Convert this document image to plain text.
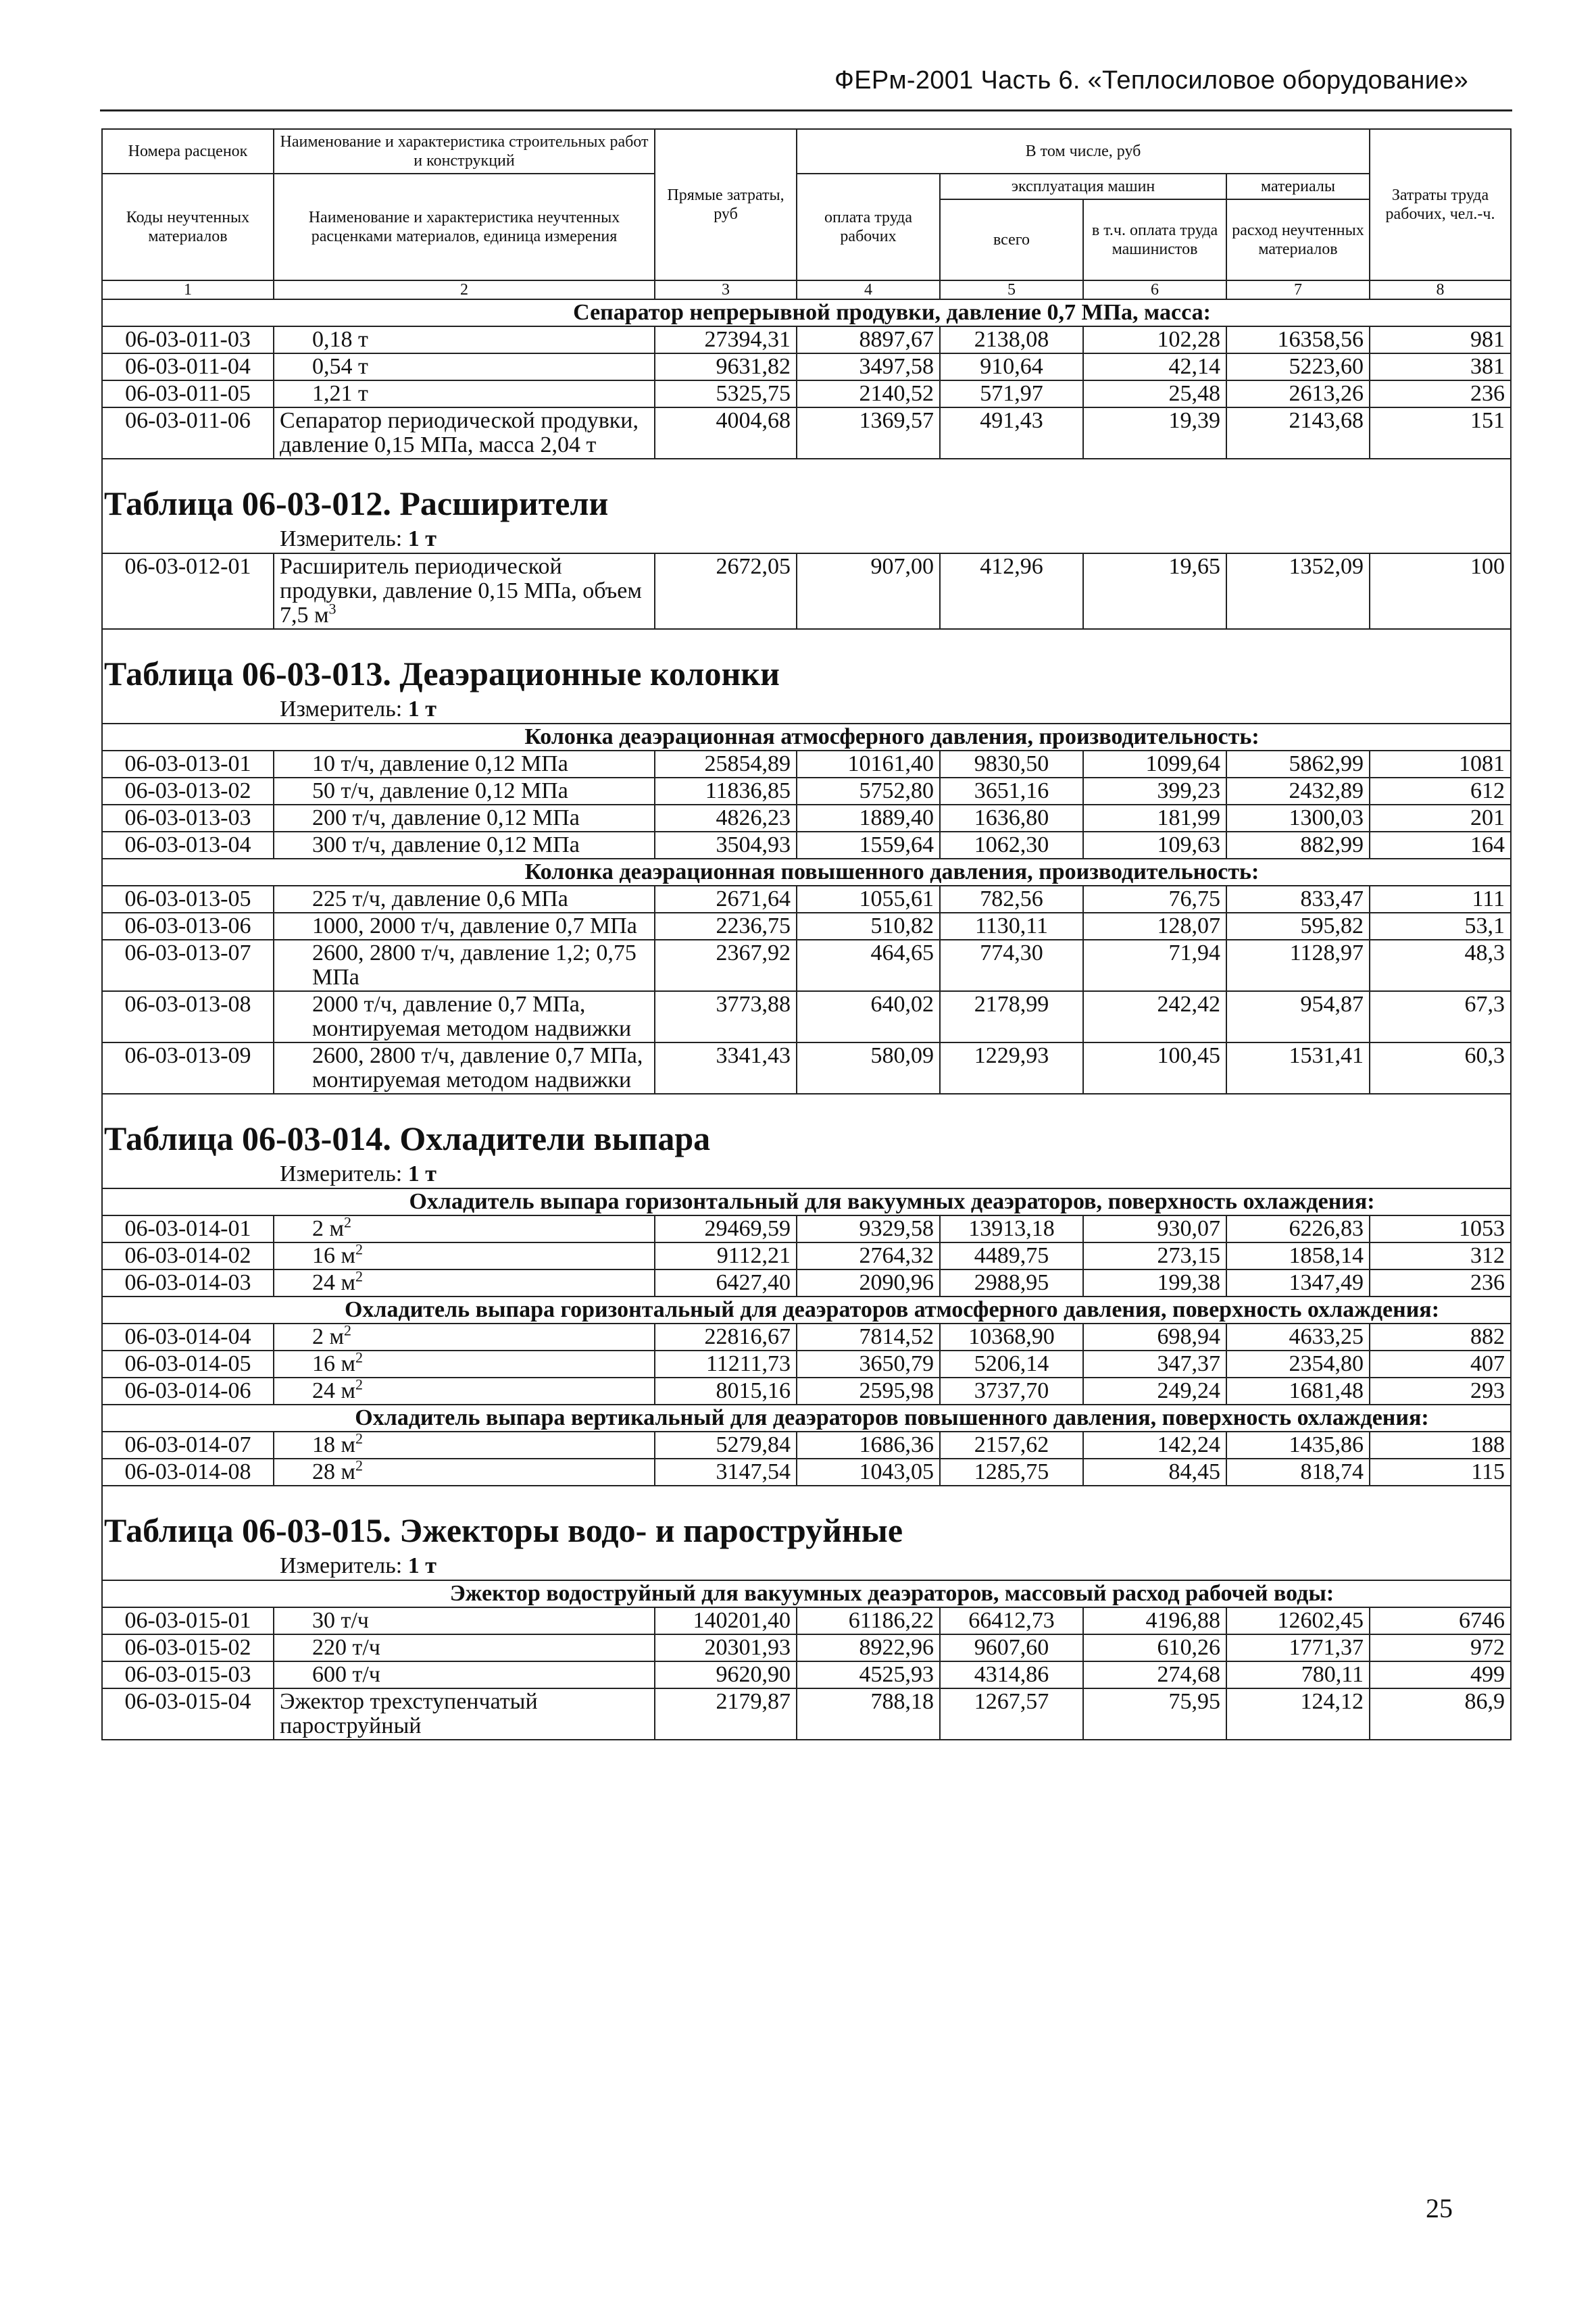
ФЕРм-2001 Часть 6. «Теплосиловое оборудование»
Номера расценок	Наименование и характеристика строительных работ и конструкций	Прямые затраты, руб	В том числе, руб				Затраты труда рабочих, чел.-ч.
Коды неучтенных материалов	Наименование и характеристика неучтенных расценками материалов, единица измерения		оплата труда рабочих	эксплуатация машин		материалы	
				всего	в т.ч. оплата труда машинистов	расход неучтенных материалов	
1	2	3	4	5	6	7	8
	Сепаратор непрерывной продувки, давление 0,7 МПа, масса:						
06-03-011-03	0,18 т	27394,31	8897,67	2138,08	102,28	16358,56	981
06-03-011-04	0,54 т	9631,82	3497,58	910,64	42,14	5223,60	381
06-03-011-05	1,21 т	5325,75	2140,52	571,97	25,48	2613,26	236
06-03-011-06	Сепаратор периодической продувки, давление 0,15 МПа, масса 2,04 т	4004,68	1369,57	491,43	19,39	2143,68	151
Таблица 06-03-012. Расширители							
Измеритель: 1 т							
06-03-012-01	Расширитель периодической продувки, давление 0,15 МПа, объем 7,5 $м^3$	2672,05	907,00	412,96	19,65	1352,09	100
Таблица 06-03-013. Деаэрационные колонки							
Измеритель: 1 т							
	Колонка деаэрационная атмосферного давления, производительность:						
06-03-013-01	10 т/ч, давление 0,12 МПа	25854,89	10161,40	9830,50	1099,64	5862,99	1081
06-03-013-02	50 т/ч, давление 0,12 МПа	11836,85	5752,80	3651,16	399,23	2432,89	612
06-03-013-03	200 т/ч, давление 0,12 МПа	4826,23	1889,40	1636,80	181,99	1300,03	201
06-03-013-04	300 т/ч, давление 0,12 МПа	3504,93	1559,64	1062,30	109,63	882,99	164
	Колонка деаэрационная повышенного давления, производительность:						
06-03-013-05	225 т/ч, давление 0,6 МПа	2671,64	1055,61	782,56	76,75	833,47	111
06-03-013-06	1000, 2000 т/ч, давление 0,7 МПа	2236,75	510,82	1130,11	128,07	595,82	53,1
06-03-013-07	2600, 2800 т/ч, давление 1,2; 0,75 МПа	2367,92	464,65	774,30	71,94	1128,97	48,3
06-03-013-08	2000 т/ч, давление 0,7 МПа, монтируемая методом надвижки	3773,88	640,02	2178,99	242,42	954,87	67,3
06-03-013-09	2600, 2800 т/ч, давление 0,7 МПа, монтируемая методом надвижки	3341,43	580,09	1229,93	100,45	1531,41	60,3
Таблица 06-03-014. Охладители выпара							
Измеритель: 1 т							
	Охладитель выпара горизонтальный для вакуумных деаэраторов, поверхность охлаждения:						
06-03-014-01	2 $м^2$	29469,59	9329,58	13913,18	930,07	6226,83	1053
06-03-014-02	16 $м^2$	9112,21	2764,32	4489,75	273,15	1858,14	312
06-03-014-03	24 $м^2$	6427,40	2090,96	2988,95	199,38	1347,49	236
	Охладитель выпара горизонтальный для деаэраторов атмосферного давления, поверхность охлаждения:						
06-03-014-04	2 $м^2$	22816,67	7814,52	10368,90	698,94	4633,25	882
06-03-014-05	16 $м^2$	11211,73	3650,79	5206,14	347,37	2354,80	407
06-03-014-06	24 $м^2$	8015,16	2595,98	3737,70	249,24	1681,48	293
	Охладитель выпара вертикальный для деаэраторов повышенного давления, поверхность охлаждения:						
06-03-014-07	18 $м^2$	5279,84	1686,36	2157,62	142,24	1435,86	188
06-03-014-08	28 $м^2$	3147,54	1043,05	1285,75	84,45	818,74	115
Таблица 06-03-015. Эжекторы водо- и пароструйные							
Измеритель: 1 т							
	Эжектор водоструйный для вакуумных деаэраторов, массовый расход рабочей воды:						
06-03-015-01	30 т/ч	140201,40	61186,22	66412,73	4196,88	12602,45	6746
06-03-015-02	220 т/ч	20301,93	8922,96	9607,60	610,26	1771,37	972
06-03-015-03	600 т/ч	9620,90	4525,93	4314,86	274,68	780,11	499
06-03-015-04	Эжектор трехступенчатый пароструйный	2179,87	788,18	1267,57	75,95	124,12	86,9
25
